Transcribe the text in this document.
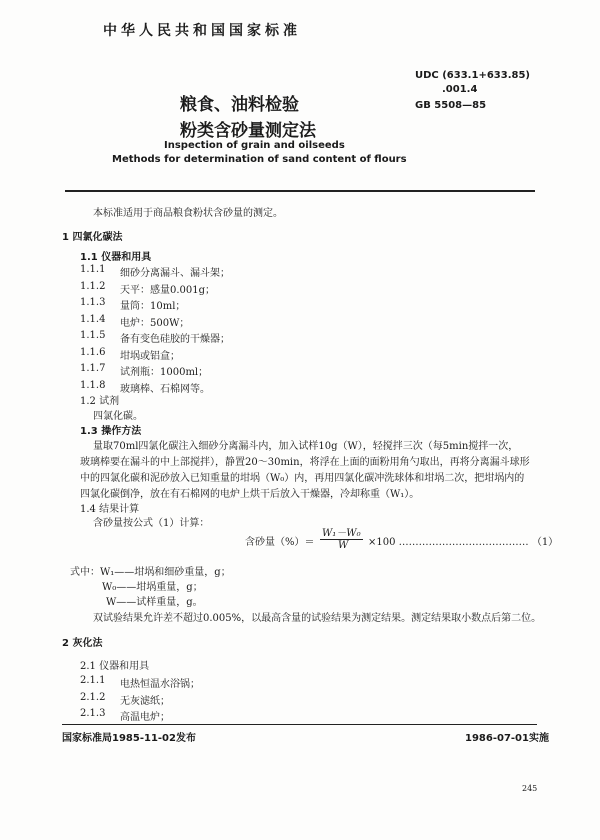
中华人民共和国国家标准
UDC (633.1+633.85)
.001.4
GB 5508—85
粮食、油料检验
粉类含砂量测定法
Inspection of grain and oilseeds
Methods for determination of sand content of flours
本标准适用于商品粮食粉状含砂量的测定。
1 四氯化碳法
1.1 仪器和用具
1.1.1 细砂分离漏斗、漏斗架；
1.1.2 天平：感量0.001g；
1.1.3 量筒：10ml；
1.1.4 电炉：500W；
1.1.5 备有变色硅胶的干燥器；
1.1.6 坩埚或铝盒；
1.1.7 试剂瓶：1000ml；
1.1.8 玻璃棒、石棉网等。
1.2 试剂
四氯化碳。
1.3 操作方法
量取70ml四氯化碳注入细砂分离漏斗内，加入试样10g（W），轻搅拌三次（每5min搅拌一次，
玻璃棒要在漏斗的中上部搅拌），静置20～30min，将浮在上面的面粉用角勺取出，再将分离漏斗球形
中的四氯化碳和泥砂放入已知重量的坩埚（W₀）内，再用四氯化碳冲洗球体和坩埚二次，把坩埚内的
四氯化碳倒净，放在有石棉网的电炉上烘干后放入干燥器，冷却称重（W₁）。
1.4 结果计算
含砂量按公式（1）计算：
含砂量（%）＝
W₁－W₀
W ×100 ………………………………… （1）
式中：W₁——坩埚和细砂重量，g；
W₀——坩埚重量，g；
W——试样重量，g。
双试验结果允许差不超过0.005%，以最高含量的试验结果为测定结果。测定结果取小数点后第二位。
2 灰化法
2.1 仪器和用具
2.1.1 电热恒温水浴锅；
2.1.2 无灰滤纸；
2.1.3 高温电炉；
国家标准局1985-11-02发布	1986-07-01实施
245
